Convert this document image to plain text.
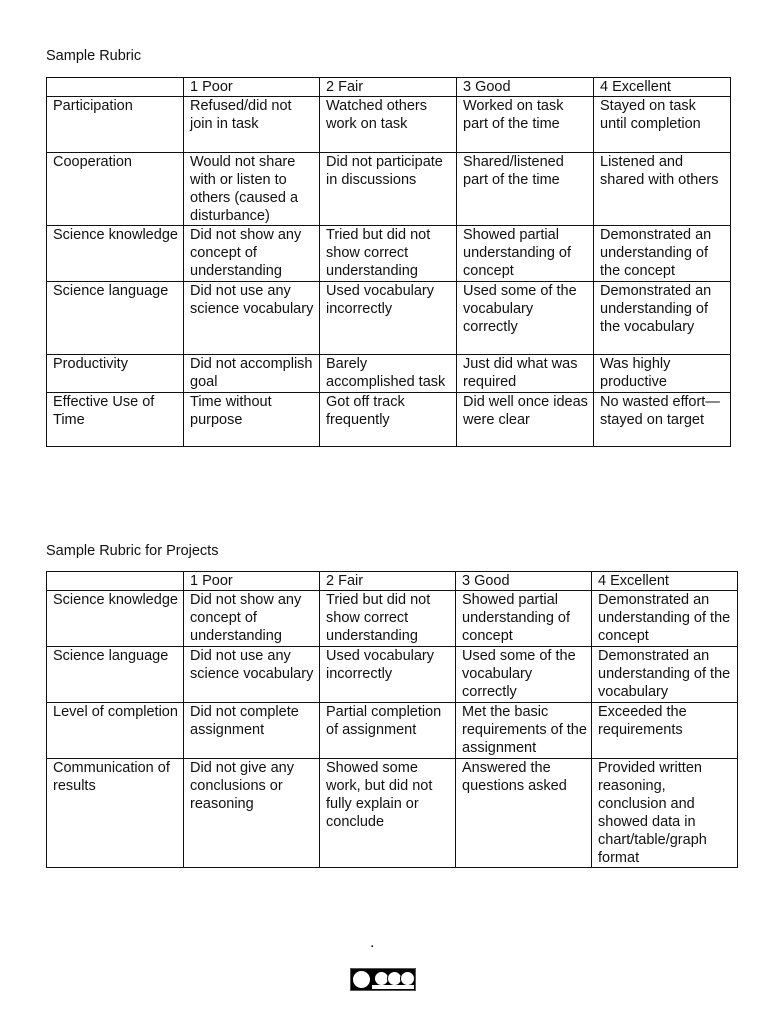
Sample Rubric
	1 Poor	2 Fair	3 Good	4 Excellent
Participation	Refused/did not join in task	Watched others work on task	Worked on task part of the time	Stayed on task until completion
Cooperation	Would not share with or listen to others (caused a disturbance)	Did not participate in discussions	Shared/listened part of the time	Listened and shared with others
Science knowledge	Did not show any concept of understanding	Tried but did not show correct understanding	Showed partial understanding of concept	Demonstrated an understanding of the concept
Science language	Did not use any science vocabulary	Used vocabulary incorrectly	Used some of the vocabulary correctly	Demonstrated an understanding of the vocabulary
Productivity	Did not accomplish goal	Barely accomplished task	Just did what was required	Was highly productive
Effective Use of Time	Time without purpose	Got off track frequently	Did well once ideas were clear	No wasted effort—stayed on target
Sample Rubric for Projects
	1 Poor	2 Fair	3 Good	4 Excellent
Science knowledge	Did not show any concept of understanding	Tried but did not show correct understanding	Showed partial understanding of concept	Demonstrated an understanding of the concept
Science language	Did not use any science vocabulary	Used vocabulary incorrectly	Used some of the vocabulary correctly	Demonstrated an understanding of the vocabulary
Level of completion	Did not complete assignment	Partial completion of assignment	Met the basic requirements of the assignment	Exceeded the requirements
Communication of results	Did not give any conclusions or reasoning	Showed some work, but did not fully explain or conclude	Answered the questions asked	Provided written reasoning, conclusion and showed data in chart/table/graph format
.
